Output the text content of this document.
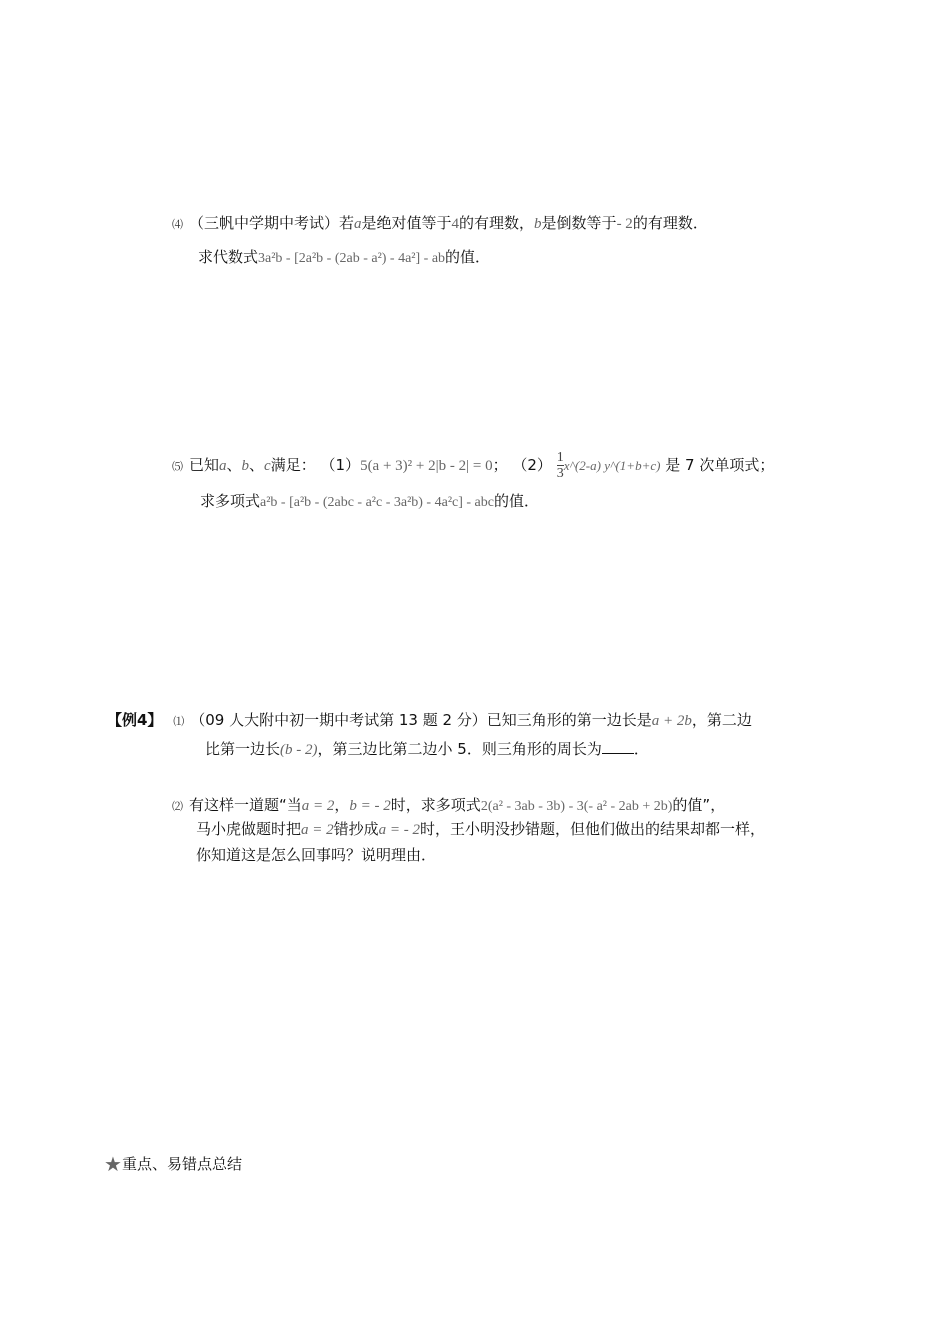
⑷ （三帆中学期中考试）若a是绝对值等于4的有理数，b是倒数等于- 2的有理数．
求代数式3a²b - [2a²b - (2ab - a²) - 4a²] - ab的值．
⑸ 已知a、b、c满足： （1）5(a + 3)² + 2|b - 2| = 0； $(2) \frac{1}{3}$ x^(2-a) y^(1+b+c) 是 7 次单项式；
求多项式a²b - [a²b - (2abc - a²c - 3a²b) - 4a²c] - abc的值．
【例4】 ⑴ （09 人大附中初一期中考试第 13 题 2 分）已知三角形的第一边长是a + 2b，第二边
比第一边长(b - 2)，第三边比第二边小 5．则三角形的周长为 ．
⑵ 有这样一道题“当a = 2，b = - 2时，求多项式2(a² - 3ab - 3b) - 3(- a² - 2ab + 2b)的值”，
马小虎做题时把a = 2错抄成a = - 2时，王小明没抄错题，但他们做出的结果却都一样，
你知道这是怎么回事吗？说明理由．
★重点、易错点总结
